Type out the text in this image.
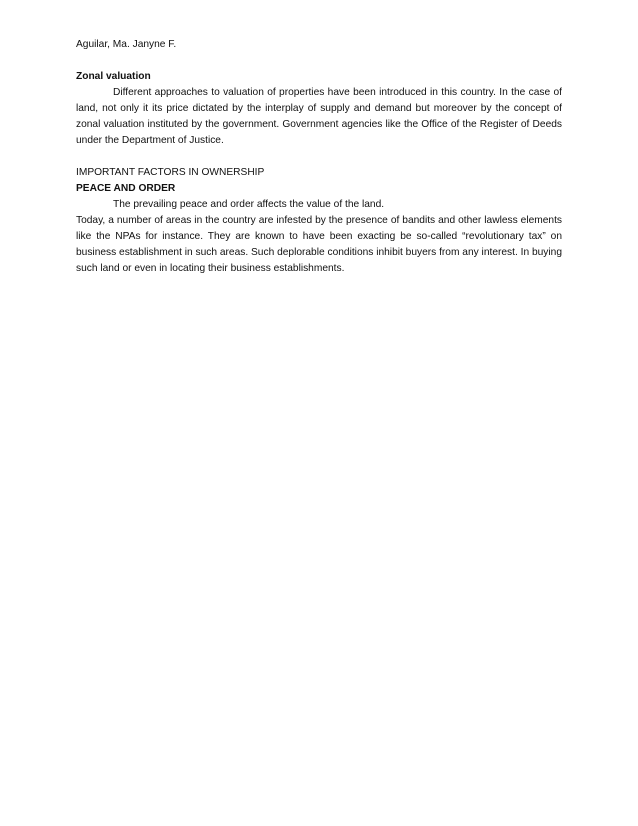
Aguilar, Ma. Janyne F.

Zonal valuation

Different approaches to valuation of properties have been introduced in this country. In the case of land, not only it its price dictated by the interplay of supply and demand but moreover by the concept of zonal valuation instituted by the government. Government agencies like the Office of the Register of Deeds under the Department of Justice.

IMPORTANT FACTORS IN OWNERSHIP

PEACE AND ORDER

The prevailing peace and order affects the value of the land.

Today, a number of areas in the country are infested by the presence of bandits and other lawless elements like the NPAs for instance. They are known to have been exacting be so-called “revolutionary tax” on business establishment in such areas. Such deplorable conditions inhibit buyers from any interest. In buying such land or even in locating their business establishments.
